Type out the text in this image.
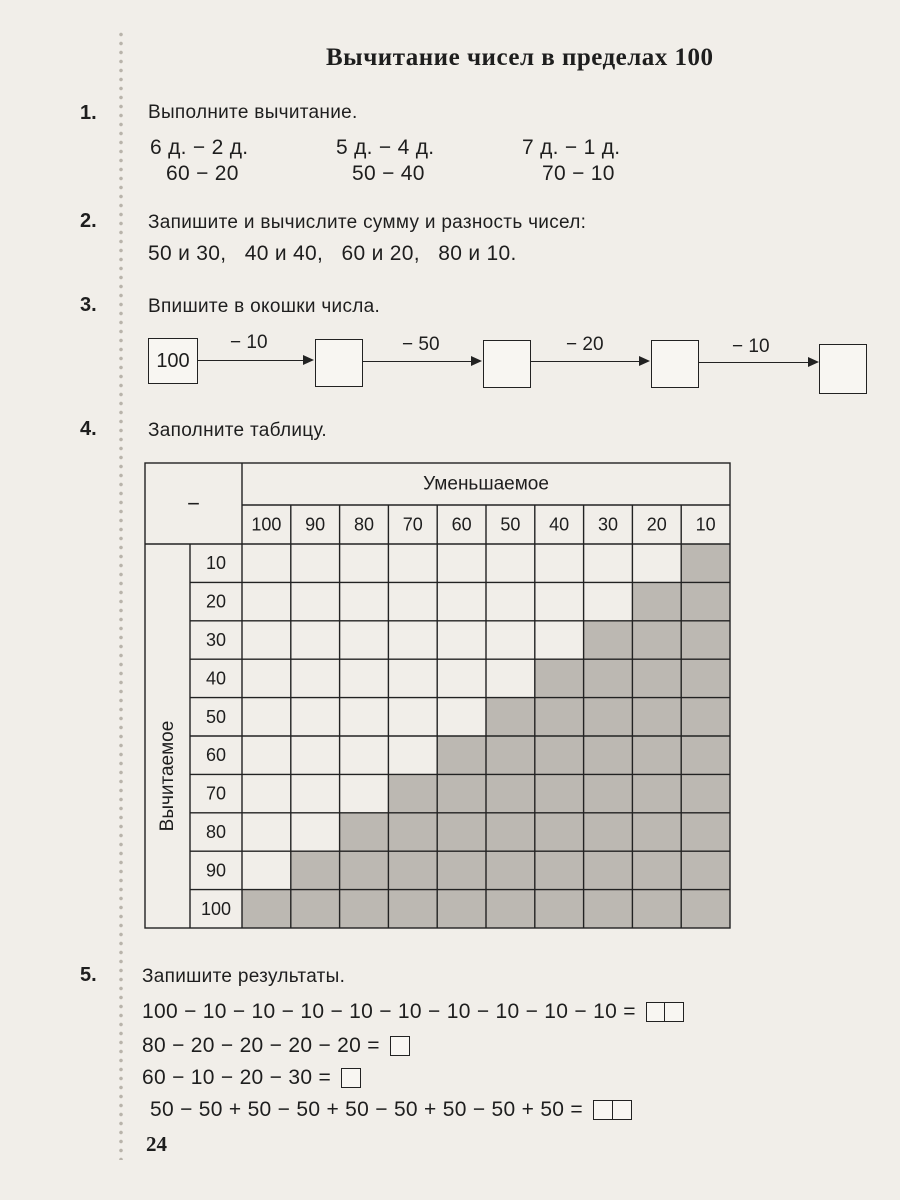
Вычитание чисел в пределах 100
1.	Выполните вычитание.
6 д. − 2 д.	5 д. − 4 д.	7 д. − 1 д.
60 − 20	50 − 40	70 − 10
2.	Запишите и вычислите сумму и разность чисел:
50 и 30,   40 и 40,   60 и 20,   80 и 10.
3.	Впишите в окошки числа.
100
− 10	− 50	− 20	− 10
4.	Заполните таблицу.
−
Уменьшаемое
100 90 80 70 60 50 40 30 20 10
10
20
30
40
50
60
70
80
90
100
Вычитаемое
5. Запишите результаты.
100 − 10 − 10 − 10 − 10 − 10 − 10 − 10 − 10 − 10 =
80 − 20 − 20 − 20 − 20 =
60 − 10 − 20 − 30 =
50 − 50 + 50 − 50 + 50 − 50 + 50 − 50 + 50 =
24
